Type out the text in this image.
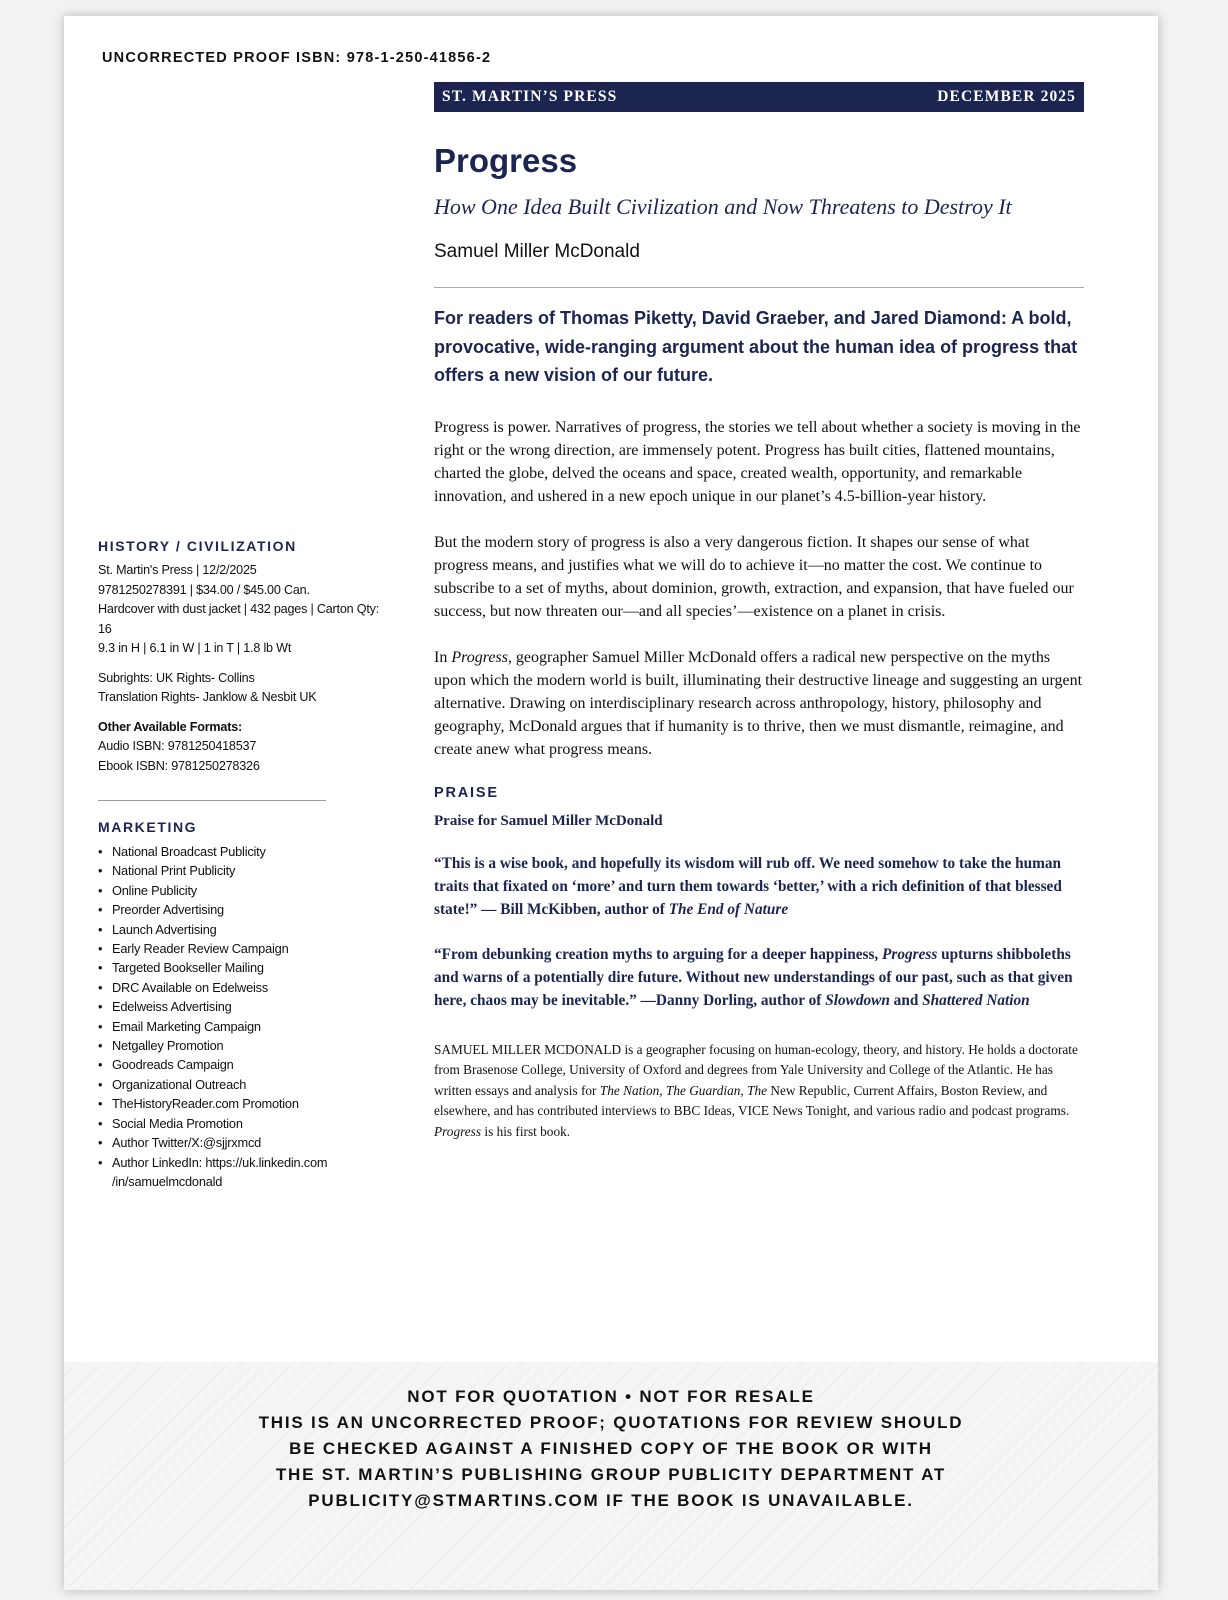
UNCORRECTED PROOF ISBN: 978-1-250-41856-2
HISTORY / CIVILIZATION

St. Martin's Press | 12/2/2025

9781250278391 | $34.00 / $45.00 Can.

Hardcover with dust jacket | 432 pages | Carton Qty: 16

9.3 in H | 6.1 in W | 1 in T | 1.8 lb Wt

Subrights: UK Rights- Collins

Translation Rights- Janklow & Nesbit UK

Other Available Formats:

Audio ISBN: 9781250418537

Ebook ISBN: 9781250278326

MARKETING
• National Broadcast Publicity
• National Print Publicity
• Online Publicity
• Preorder Advertising
• Launch Advertising
• Early Reader Review Campaign
• Targeted Bookseller Mailing
• DRC Available on Edelweiss
• Edelweiss Advertising
• Email Marketing Campaign
• Netgalley Promotion
• Goodreads Campaign
• Organizational Outreach
• TheHistoryReader.com Promotion
• Social Media Promotion
• Author Twitter/X:@sjjrxmcd
• Author LinkedIn: https://uk.linkedin.com /in/samuelmcdonald
ST. MARTIN’S PRESS	DECEMBER 2025
Progress
How One Idea Built Civilization and Now Threatens to Destroy It
Samuel Miller McDonald
For readers of Thomas Piketty, David Graeber, and Jared Diamond: A bold, provocative, wide-ranging argument about the human idea of progress that offers a new vision of our future.

Progress is power. Narratives of progress, the stories we tell about whether a society is moving in the right or the wrong direction, are immensely potent. Progress has built cities, flattened mountains, charted the globe, delved the oceans and space, created wealth, opportunity, and remarkable innovation, and ushered in a new epoch unique in our planet’s 4.5-billion-year history.

But the modern story of progress is also a very dangerous fiction. It shapes our sense of what progress means, and justifies what we will do to achieve it—no matter the cost. We continue to subscribe to a set of myths, about dominion, growth, extraction, and expansion, that have fueled our success, but now threaten our—and all species’—existence on a planet in crisis.

In Progress, geographer Samuel Miller McDonald offers a radical new perspective on the myths upon which the modern world is built, illuminating their destructive lineage and suggesting an urgent alternative. Drawing on interdisciplinary research across anthropology, history, philosophy and geography, McDonald argues that if humanity is to thrive, then we must dismantle, reimagine, and create anew what progress means.

PRAISE
Praise for Samuel Miller McDonald

“This is a wise book, and hopefully its wisdom will rub off. We need somehow to take the human traits that fixated on ‘more’ and turn them towards ‘better,’ with a rich definition of that blessed state!” — Bill McKibben, author of The End of Nature

“From debunking creation myths to arguing for a deeper happiness, Progress upturns shibboleths and warns of a potentially dire future. Without new understandings of our past, such as that given here, chaos may be inevitable.” —Danny Dorling, author of Slowdown and Shattered Nation

SAMUEL MILLER MCDONALD is a geographer focusing on human-ecology, theory, and history. He holds a doctorate from Brasenose College, University of Oxford and degrees from Yale University and College of the Atlantic. He has written essays and analysis for The Nation, The Guardian, The New Republic, Current Affairs, Boston Review, and elsewhere, and has contributed interviews to BBC Ideas, VICE News Tonight, and various radio and podcast programs. Progress is his first book.

NOT FOR QUOTATION • NOT FOR RESALE

THIS IS AN UNCORRECTED PROOF; QUOTATIONS FOR REVIEW SHOULD

BE CHECKED AGAINST A FINISHED COPY OF THE BOOK OR WITH

THE ST. MARTIN’S PUBLISHING GROUP PUBLICITY DEPARTMENT AT

PUBLICITY@STMARTINS.COM IF THE BOOK IS UNAVAILABLE.
